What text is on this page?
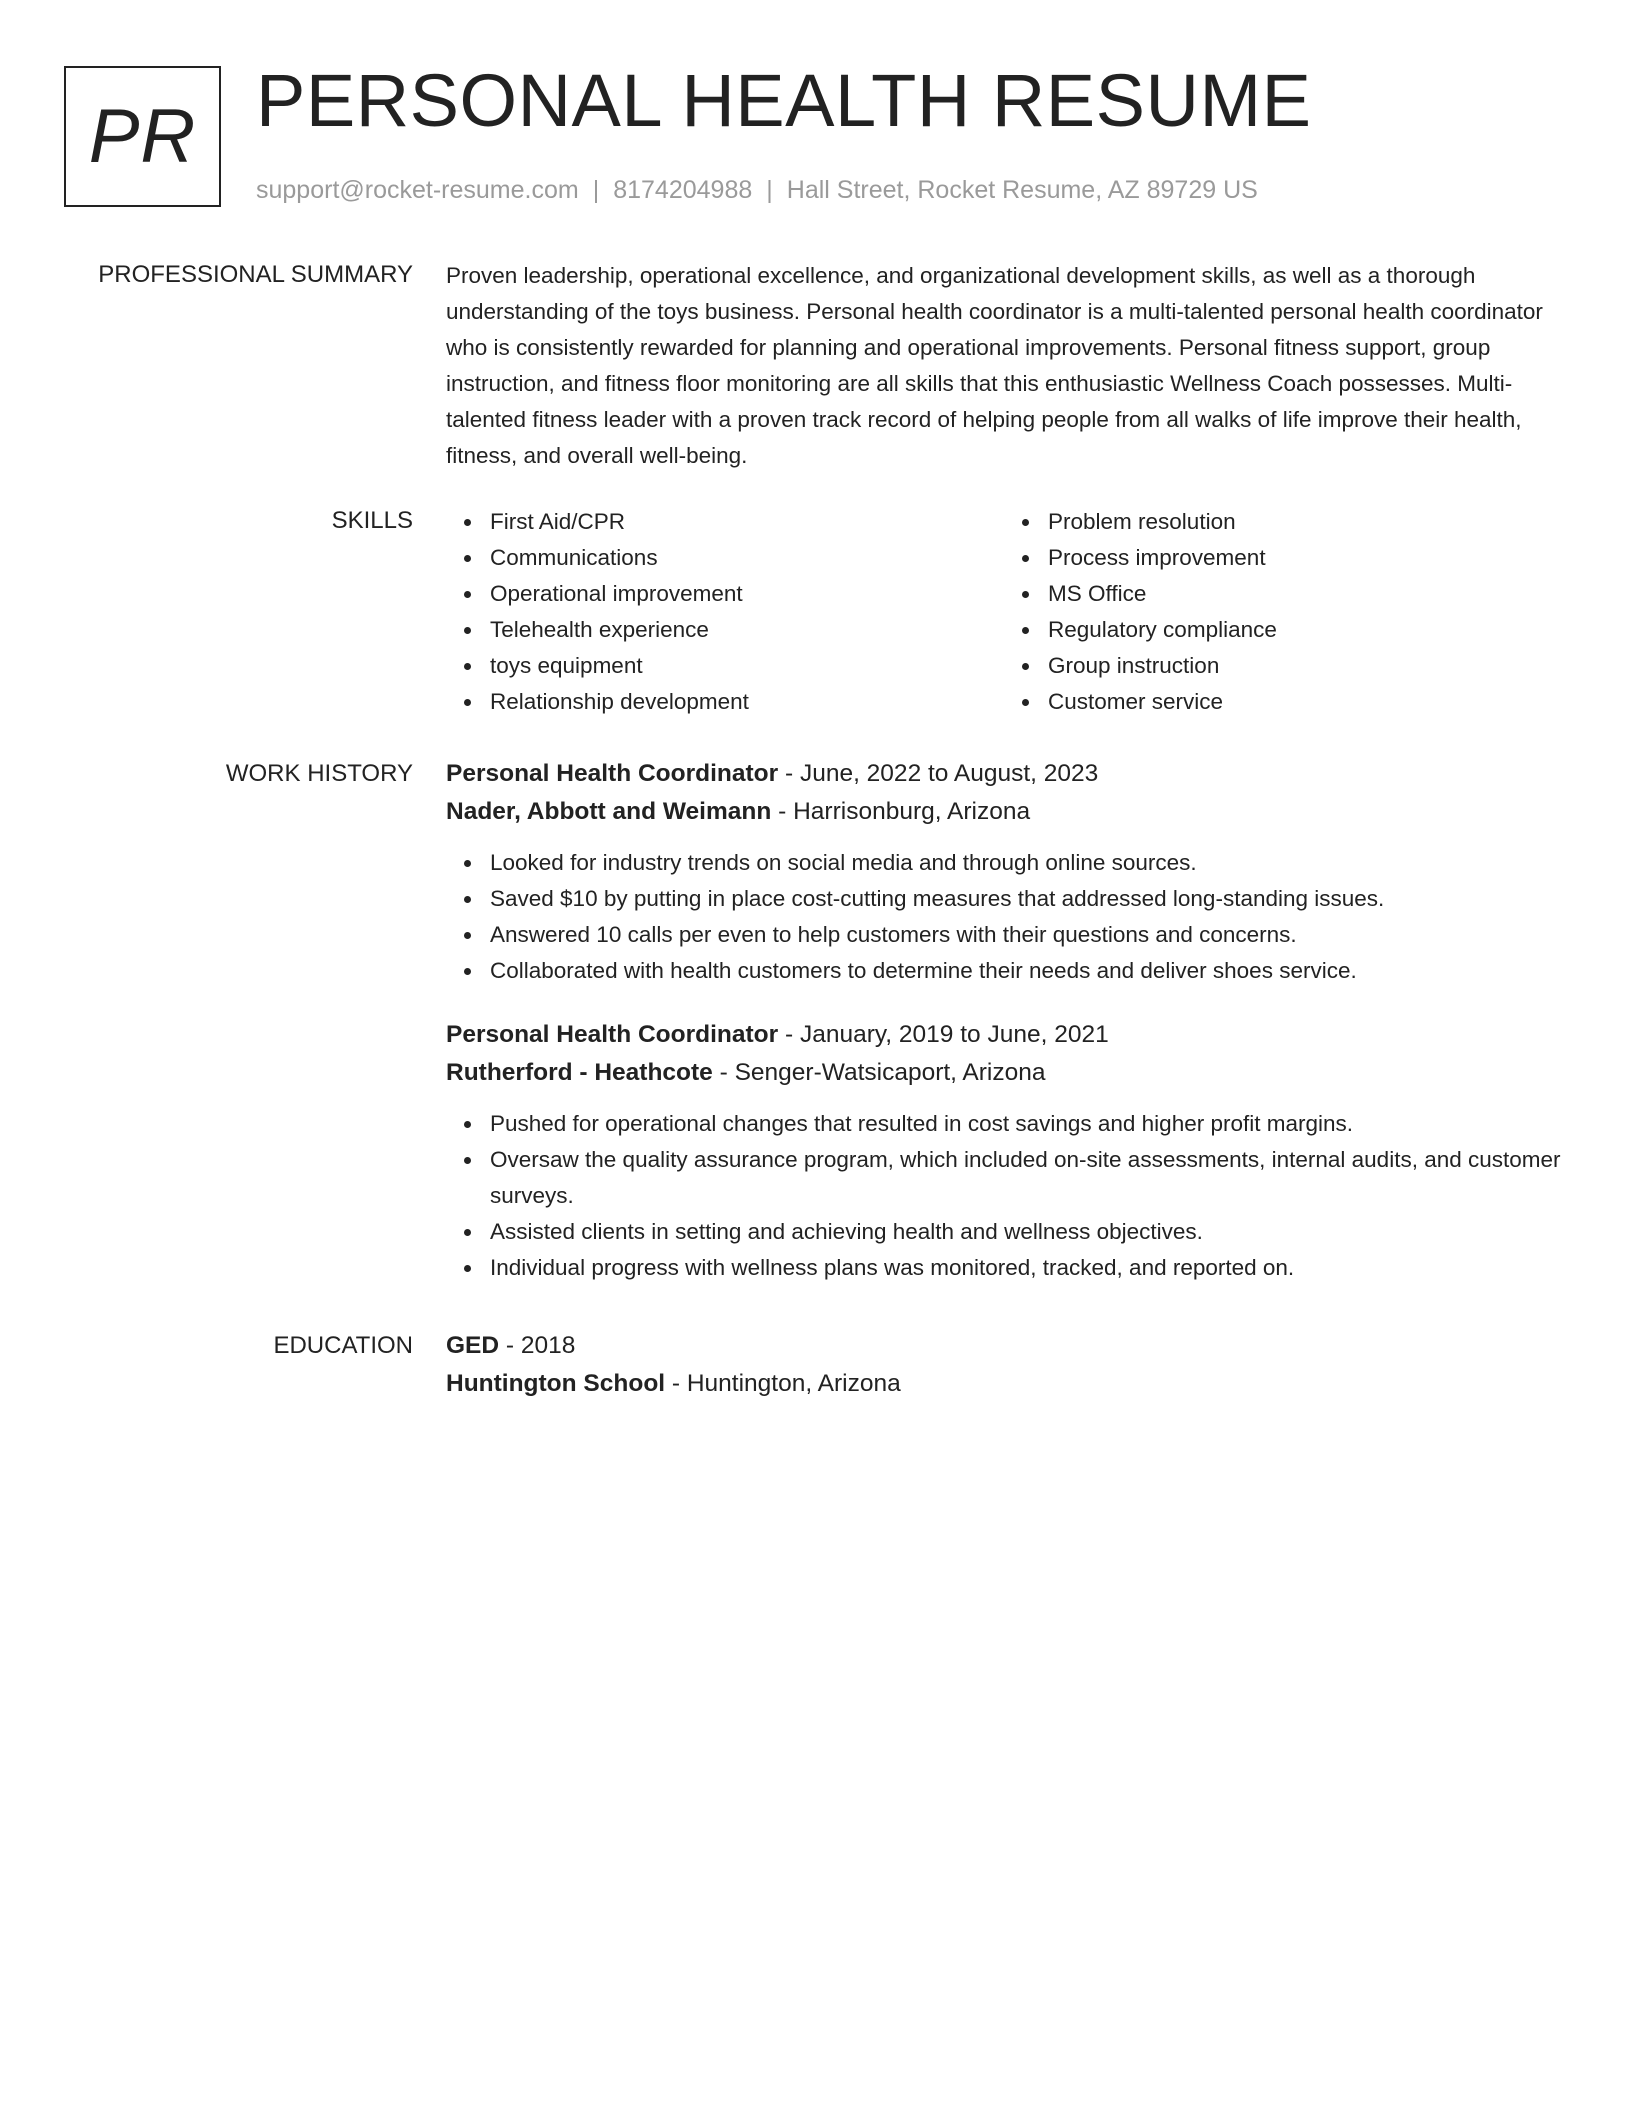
PR PERSONAL HEALTH RESUME
support@rocket-resume.com | 8174204988 | Hall Street, Rocket Resume, AZ 89729 US
PROFESSIONAL SUMMARY Proven leadership, operational excellence, and organizational development skills, as well as a thorough understanding of the toys business. Personal health coordinator is a multi-talented personal health coordinator who is consistently rewarded for planning and operational improvements. Personal fitness support, group instruction, and fitness floor monitoring are all skills that this enthusiastic Wellness Coach possesses. Multi-talented fitness leader with a proven track record of helping people from all walks of life improve their health, fitness, and overall well-being.

SKILLS	First Aid/CPR
Communications
Operational improvement
Telehealth experience
toys equipment
Relationship development
Problem resolution
Process improvement
MS Office
Regulatory compliance
Group instruction
Customer service
WORK HISTORY Personal Health Coordinator - June, 2022 to August, 2023
Nader, Abbott and Weimann - Harrisonburg, Arizona
Looked for industry trends on social media and through online sources.
Saved $10 by putting in place cost-cutting measures that addressed long-standing issues.
Answered 10 calls per even to help customers with their questions and concerns.
Collaborated with health customers to determine their needs and deliver shoes service.
Personal Health Coordinator - January, 2019 to June, 2021
Rutherford - Heathcote - Senger-Watsicaport, Arizona
Pushed for operational changes that resulted in cost savings and higher profit margins.
Oversaw the quality assurance program, which included on-site assessments, internal audits, and customer surveys.
Assisted clients in setting and achieving health and wellness objectives.
Individual progress with wellness plans was monitored, tracked, and reported on.
EDUCATION GED - 2018
Huntington School - Huntington, Arizona
